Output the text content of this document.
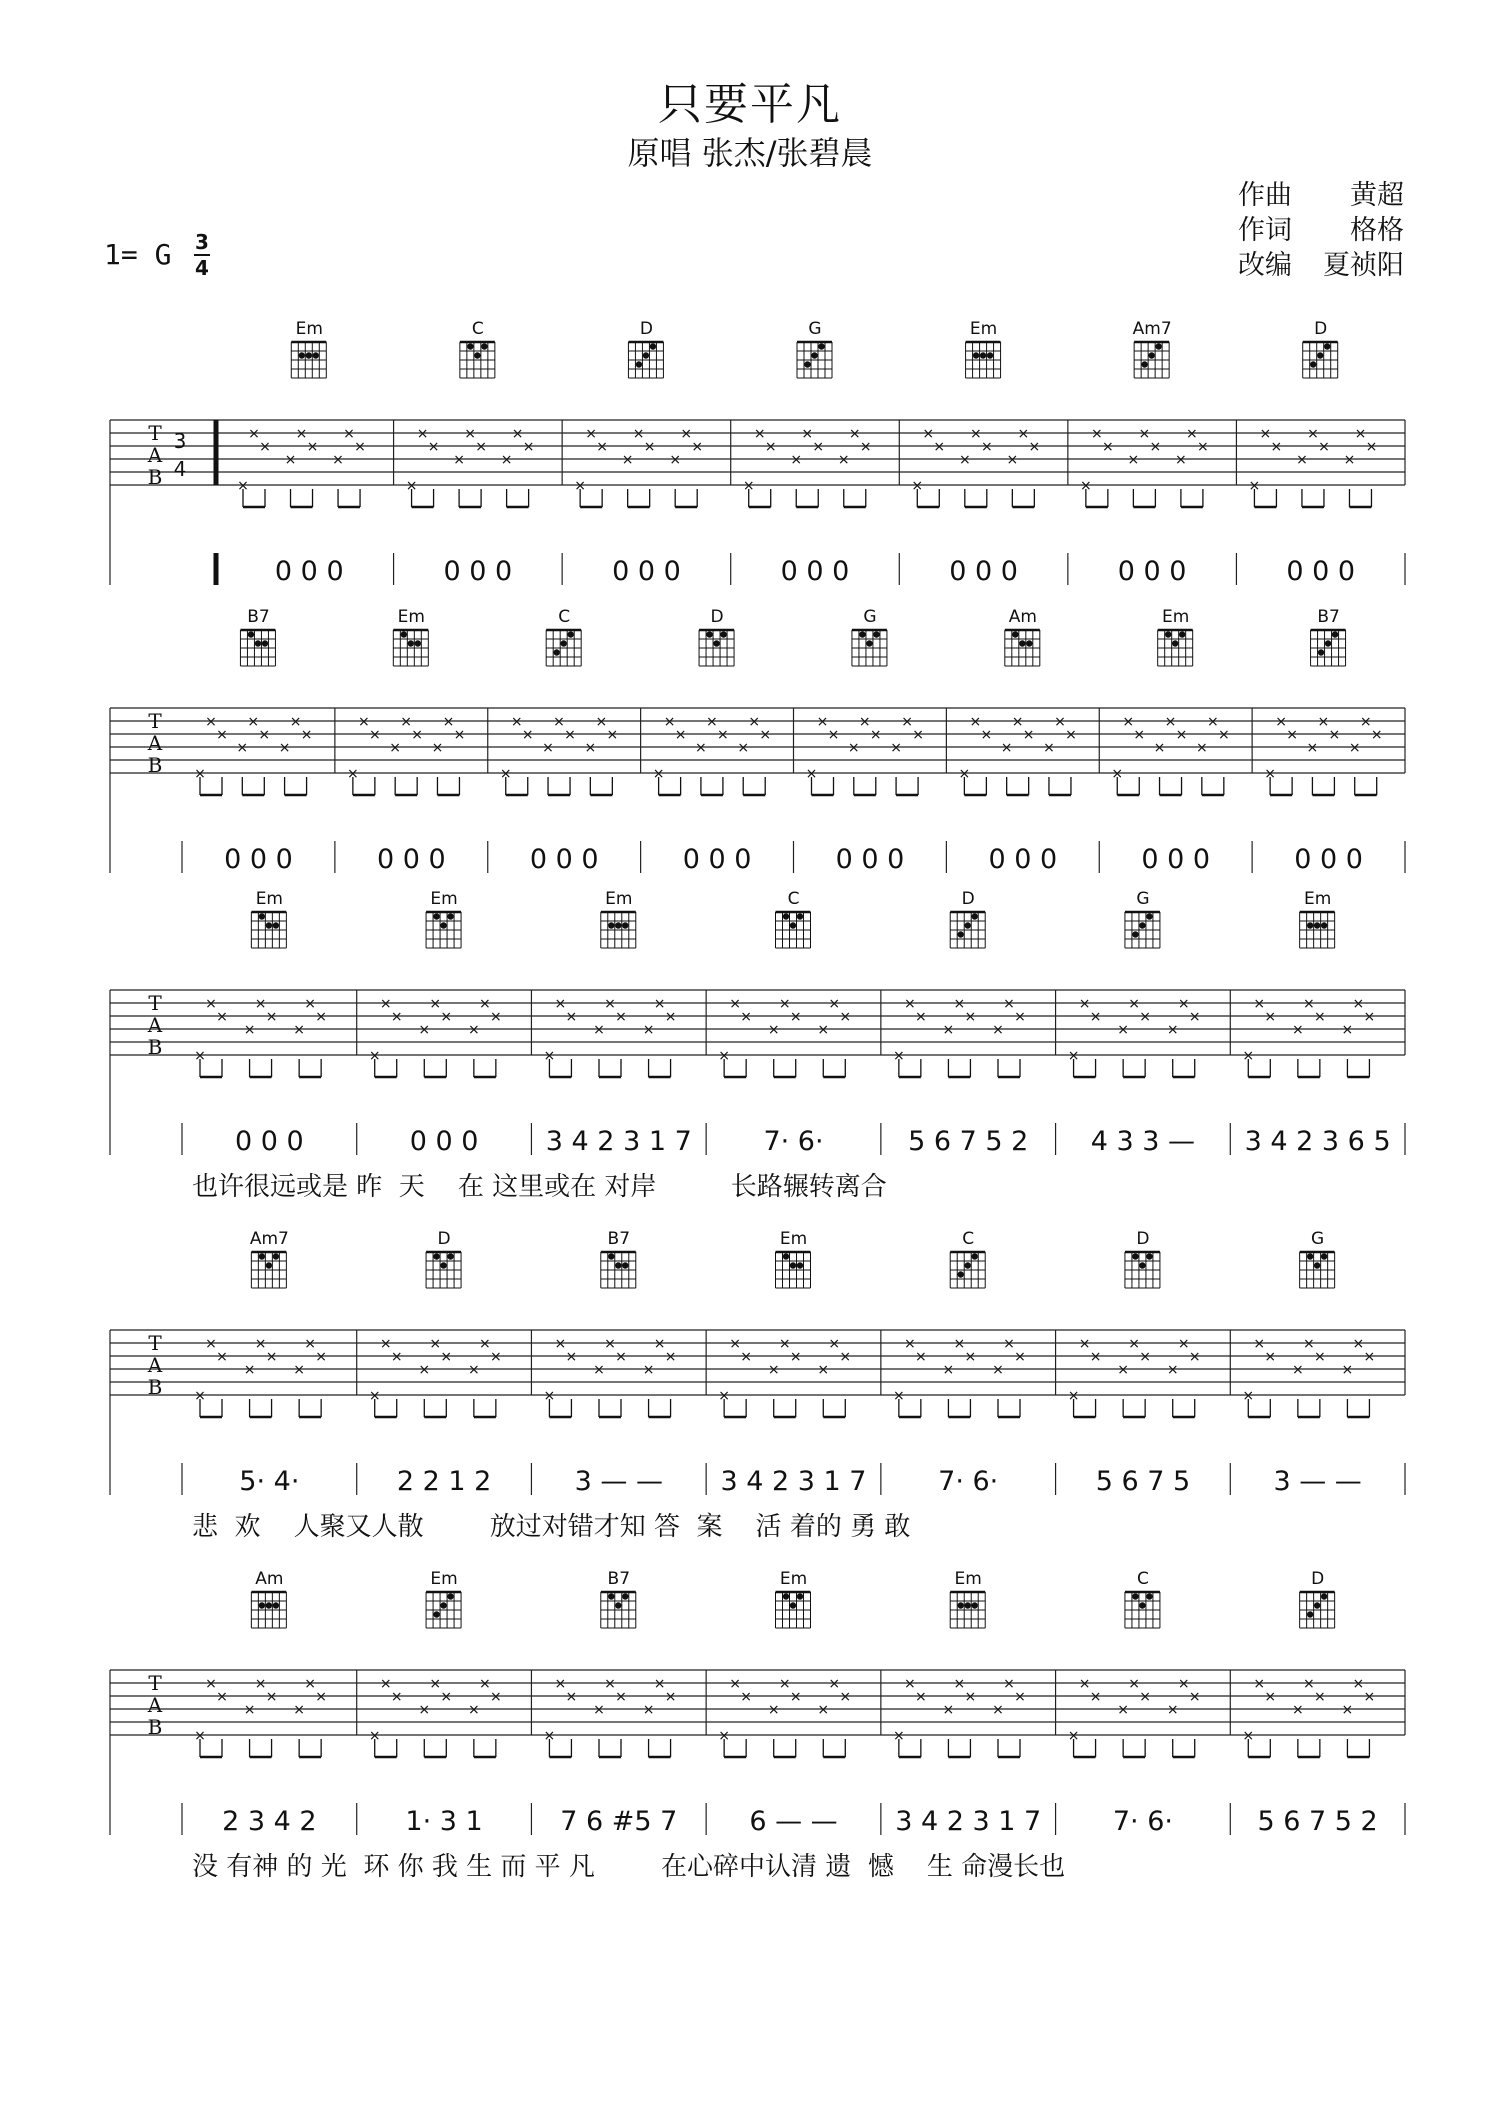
只要平凡
原唱 张杰/张碧晨
作曲 黄超
作词 格格
改编 夏祯阳
1= G 3
4
T
A
B
3
4
Em
×
×
×
×
×
×
×
×
×
0 0 0
C
×
×
×
×
×
×
×
×
×
0 0 0
D
×
×
×
×
×
×
×
×
×
0 0 0
G
×
×
×
×
×
×
×
×
×
0 0 0
Em
×
×
×
×
×
×
×
×
×
0 0 0
Am7
×
×
×
×
×
×
×
×
×
0 0 0
D
×
×
×
×
×
×
×
×
×
0 0 0
T
A
B
B7
×
×
×
×
×
×
×
×
×
0 0 0
Em
×
×
×
×
×
×
×
×
×
0 0 0
C
×
×
×
×
×
×
×
×
×
0 0 0
D
×
×
×
×
×
×
×
×
×
0 0 0
G
×
×
×
×
×
×
×
×
×
0 0 0
Am
×
×
×
×
×
×
×
×
×
0 0 0
Em
×
×
×
×
×
×
×
×
×
0 0 0
B7
×
×
×
×
×
×
×
×
×
0 0 0
T
A
B
Em
×
×
×
×
×
×
×
×
×
0 0 0
Em
×
×
×
×
×
×
×
×
×
0 0 0
Em
×
×
×
×
×
×
×
×
×
3 4 2 3 1 7
C
×
×
×
×
×
×
×
×
×
7· 6·
D
×
×
×
×
×
×
×
×
×
5 6 7 5 2
G
×
×
×
×
×
×
×
×
×
4 3 3 —
Em
×
×
×
×
×
×
×
×
×
3 4 2 3 6 5
也许很远或是 昨  天    在 这里或在 对岸         长路辗转离合
T
A
B
Am7
×
×
×
×
×
×
×
×
×
5· 4·
D
×
×
×
×
×
×
×
×
×
2 2 1 2
B7
×
×
×
×
×
×
×
×
×
3 — —
Em
×
×
×
×
×
×
×
×
×
3 4 2 3 1 7
C
×
×
×
×
×
×
×
×
×
7· 6·
D
×
×
×
×
×
×
×
×
×
5 6 7 5
G
×
×
×
×
×
×
×
×
×
3 — —
悲  欢    人聚又人散        放过对错才知 答  案    活 着的 勇 敢
T
A
B
Am
×
×
×
×
×
×
×
×
×
2 3 4 2
Em
×
×
×
×
×
×
×
×
×
1· 3 1
B7
×
×
×
×
×
×
×
×
×
7 6 #5 7
Em
×
×
×
×
×
×
×
×
×
6 — —
Em
×
×
×
×
×
×
×
×
×
3 4 2 3 1 7
C
×
×
×
×
×
×
×
×
×
7· 6·
D
×
×
×
×
×
×
×
×
×
5 6 7 5 2
没 有神 的 光  环 你 我 生 而 平 凡        在心碎中认清 遗  憾    生 命漫长也
